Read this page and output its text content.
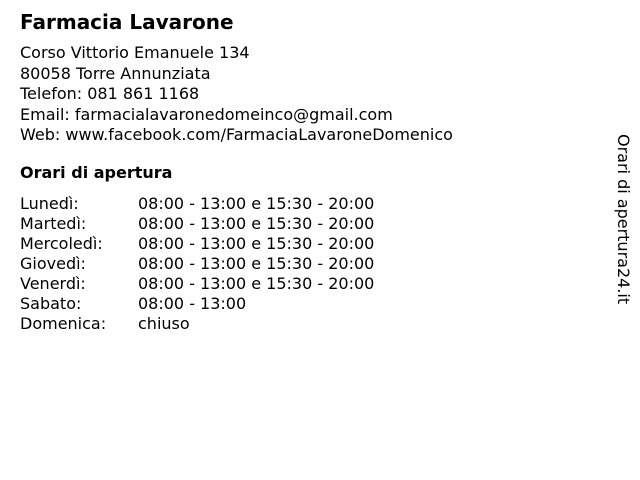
Farmacia Lavarone
Corso Vittorio Emanuele 134
80058 Torre Annunziata
Telefon: 081 861 1168
Email: farmacialavaronedomeinco@gmail.com
Web: www.facebook.com/FarmaciaLavaroneDomenico
Orari di apertura
Lunedì:	08:00 - 13:00 e 15:30 - 20:00
Martedì:	08:00 - 13:00 e 15:30 - 20:00
Mercoledì: 08:00 - 13:00 e 15:30 - 20:00
Giovedì:	08:00 - 13:00 e 15:30 - 20:00
Venerdì:	08:00 - 13:00 e 15:30 - 20:00
Sabato:	08:00 - 13:00
Domenica: chiuso
Orari di apertura24.it
